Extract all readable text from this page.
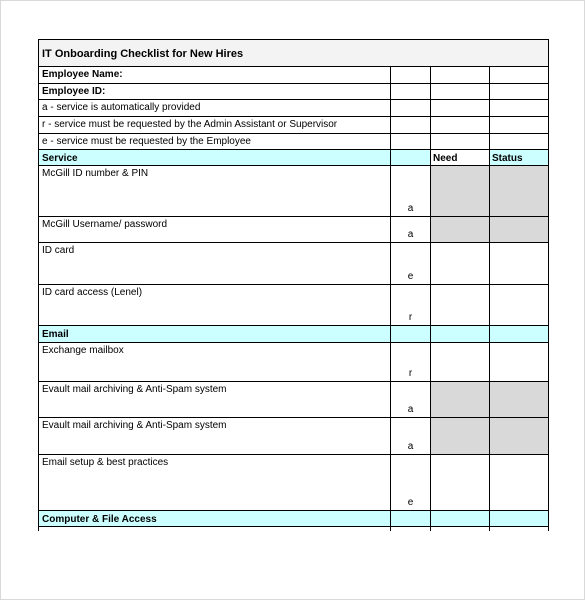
IT Onboarding Checklist for New Hires
Employee Name:
Employee ID:
a - service is automatically provided
r - service must be requested by the Admin Assistant or Supervisor
e - service must be requested by the Employee
Service	Need	Status
McGill ID number & PIN
a
McGill Username/ password
a
ID card
e
ID card access (Lenel)
r
Email
Exchange mailbox
r
Evault mail archiving & Anti-Spam system
a
Evault mail archiving & Anti-Spam system
a
Email setup & best practices
e
Computer & File Access
